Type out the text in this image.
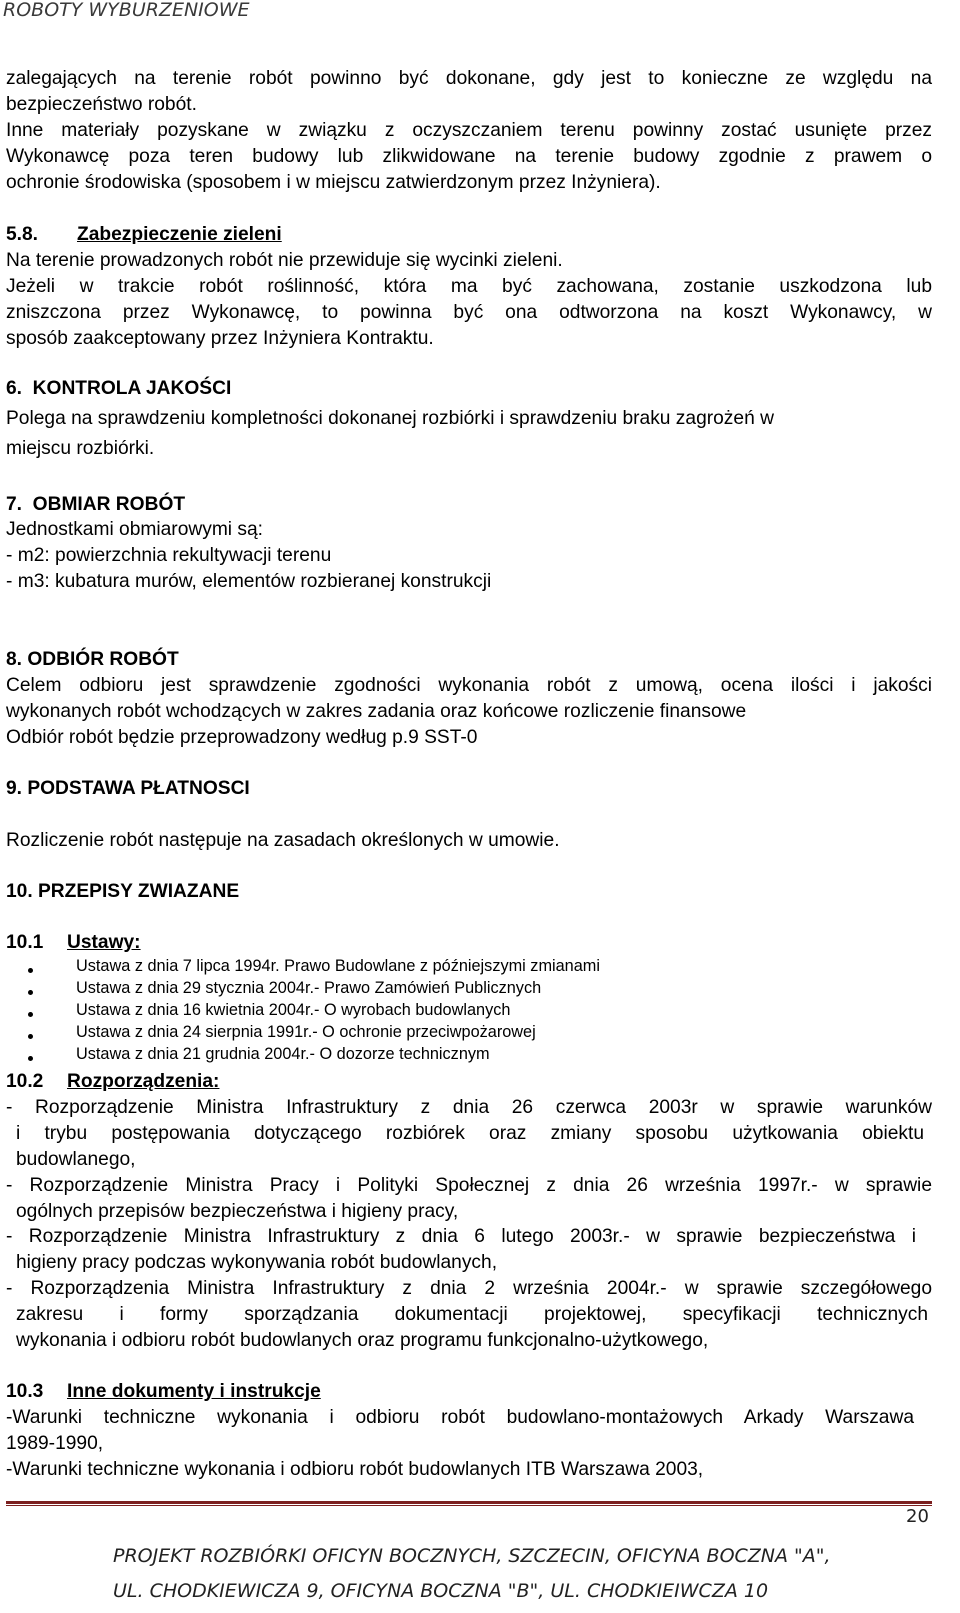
ROBOTY WYBURZENIOWE
zalegających na terenie robót powinno być dokonane, gdy jest to konieczne ze względu na
bezpieczeństwo robót.
Inne materiały pozyskane w związku z oczyszczaniem terenu powinny zostać usunięte przez
Wykonawcę poza teren budowy lub zlikwidowane na terenie budowy zgodnie z prawem o
ochronie środowiska (sposobem i w miejscu zatwierdzonym przez Inżyniera).
5.8.	Zabezpieczenie zieleni
Na terenie prowadzonych robót nie przewiduje się wycinki zieleni.
Jeżeli w trakcie robót roślinność, która ma być zachowana, zostanie uszkodzona lub
zniszczona przez Wykonawcę, to powinna być ona odtworzona na koszt Wykonawcy, w
sposób zaakceptowany przez Inżyniera Kontraktu.
6.  KONTROLA JAKOŚCI
Polega na sprawdzeniu kompletności dokonanej rozbiórki i sprawdzeniu braku zagrożeń w
miejscu rozbiórki.
7.  OBMIAR ROBÓT
Jednostkami obmiarowymi są:
- m2: powierzchnia rekultywacji terenu
- m3: kubatura murów, elementów rozbieranej konstrukcji
8. ODBIÓR ROBÓT
Celem odbioru jest sprawdzenie zgodności wykonania robót z umową, ocena ilości i jakości
wykonanych robót wchodzących w zakres zadania oraz końcowe rozliczenie finansowe
Odbiór robót będzie przeprowadzony według p.9 SST-0
9. PODSTAWA PŁATNOSCI
Rozliczenie robót następuje na zasadach określonych w umowie.
10. PRZEPISY ZWIAZANE
10.1	Ustawy:
Ustawa z dnia 7 lipca 1994r. Prawo Budowlane z późniejszymi zmianami
Ustawa z dnia 29 stycznia 2004r.- Prawo Zamówień Publicznych
Ustawa z dnia 16 kwietnia 2004r.- O wyrobach budowlanych
Ustawa z dnia 24 sierpnia 1991r.- O ochronie przeciwpożarowej
Ustawa z dnia 21 grudnia 2004r.- O dozorze technicznym
10.2	Rozporządzenia:
- Rozporządzenie Ministra Infrastruktury z dnia 26 czerwca 2003r w sprawie warunków
i trybu postępowania dotyczącego rozbiórek oraz zmiany sposobu użytkowania obiektu
budowlanego,
- Rozporządzenie Ministra Pracy i Polityki Społecznej z dnia 26 września 1997r.- w sprawie
ogólnych przepisów bezpieczeństwa i higieny pracy,
- Rozporządzenie Ministra Infrastruktury z dnia 6 lutego 2003r.- w sprawie bezpieczeństwa i
higieny pracy podczas wykonywania robót budowlanych,
- Rozporządzenia Ministra Infrastruktury z dnia 2 września 2004r.- w sprawie szczegółowego
zakresu i formy sporządzania dokumentacji projektowej, specyfikacji technicznych
wykonania i odbioru robót budowlanych oraz programu funkcjonalno-użytkowego,
10.3	Inne dokumenty i instrukcje
-Warunki techniczne wykonania i odbioru robót budowlano-montażowych Arkady Warszawa
1989-1990,
-Warunki techniczne wykonania i odbioru robót budowlanych ITB Warszawa 2003,
20
PROJEKT ROZBIÓRKI OFICYN BOCZNYCH, SZCZECIN, OFICYNA BOCZNA "A",
UL. CHODKIEWICZA 9, OFICYNA BOCZNA "B", UL. CHODKIEIWCZA 10
